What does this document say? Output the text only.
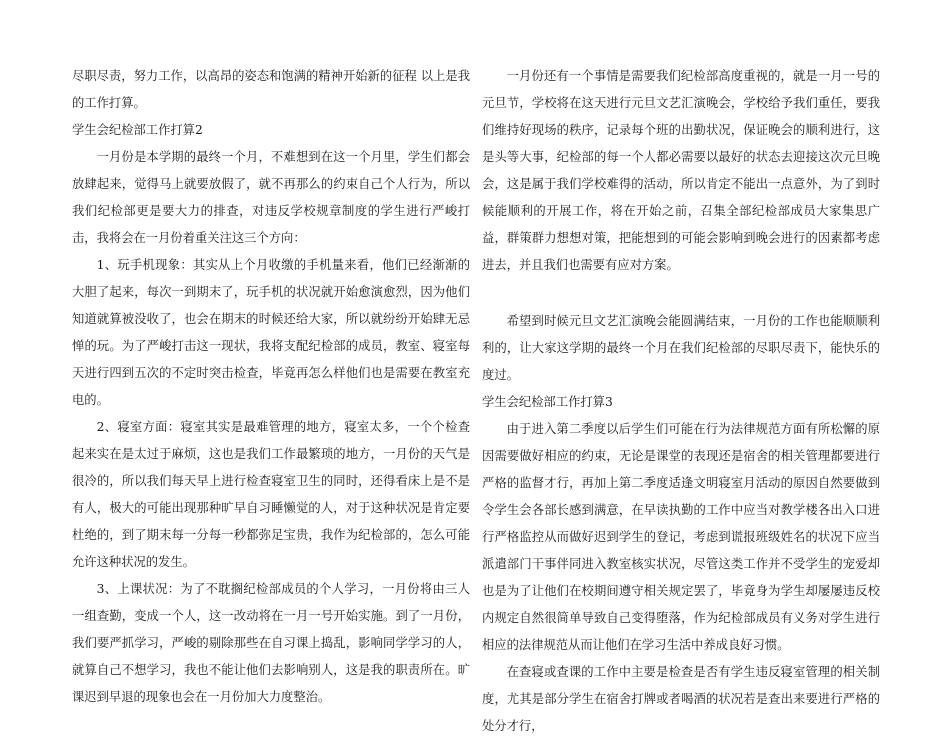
尽职尽责，努力工作，以高昂的姿态和饱满的精神开始新的征程 以上是我的工作打算。

学生会纪检部工作打算2

一月份是本学期的最终一个月，不难想到在这一个月里，学生们都会放肆起来，觉得马上就要放假了，就不再那么的约束自己个人行为，所以我们纪检部更是要大力的排查，对违反学校规章制度的学生进行严峻打击，我将会在一月份着重关注这三个方向：

1、玩手机现象：其实从上个月收缴的手机量来看，他们已经渐渐的大胆了起来，每次一到期末了，玩手机的状况就开始愈演愈烈，因为他们知道就算被没收了，也会在期末的时候还给大家，所以就纷纷开始肆无忌惮的玩。为了严峻打击这一现状，我将支配纪检部的成员，教室、寝室每天进行四到五次的不定时突击检查，毕竟再怎么样他们也是需要在教室充电的。

2、寝室方面：寝室其实是最难管理的地方，寝室太多，一个个检查起来实在是太过于麻烦，这也是我们工作最繁琐的地方，一月份的天气是很冷的，所以我们每天早上进行检查寝室卫生的同时，还得看床上是不是有人，极大的可能出现那种旷早自习睡懒觉的人，对于这种状况是肯定要杜绝的，到了期末每一分每一秒都弥足宝贵，我作为纪检部的，怎么可能允许这种状况的发生。

3、上课状况：为了不耽搁纪检部成员的个人学习，一月份将由三人一组查勤，变成一个人，这一改动将在一月一号开始实施。到了一月份，我们要严抓学习，严峻的剔除那些在自习课上捣乱，影响同学学习的人，就算自己不想学习，我也不能让他们去影响别人，这是我的职责所在。旷课迟到早退的现象也会在一月份加大力度整治。

一月份还有一个事情是需要我们纪检部高度重视的，就是一月一号的元旦节，学校将在这天进行元旦文艺汇演晚会，学校给予我们重任，要我们维持好现场的秩序，记录每个班的出勤状况，保证晚会的顺利进行，这是头等大事，纪检部的每一个人都必需要以最好的状态去迎接这次元旦晚会，这是属于我们学校难得的活动，所以肯定不能出一点意外，为了到时候能顺利的开展工作，将在开始之前，召集全部纪检部成员大家集思广益，群策群力想想对策，把能想到的可能会影响到晚会进行的因素都考虑进去，并且我们也需要有应对方案。

希望到时候元旦文艺汇演晚会能圆满结束，一月份的工作也能顺顺利利的，让大家这学期的最终一个月在我们纪检部的尽职尽责下，能快乐的度过。

学生会纪检部工作打算3

由于进入第二季度以后学生们可能在行为法律规范方面有所松懈的原因需要做好相应的约束，无论是课堂的表现还是宿舍的相关管理都要进行严格的监督才行，再加上第二季度适逢文明寝室月活动的原因自然要做到令学生会各部长感到满意，在早读执勤的工作中应当对教学楼各出入口进行严格监控从而做好迟到学生的登记，考虑到谎报班级姓名的状况下应当派遣部门干事伴同进入教室核实状况，尽管这类工作并不受学生的宠爱却也是为了让他们在校期间遵守相关规定罢了，毕竟身为学生却屡屡违反校内规定自然很简单导致自己变得堕落，作为纪检部成员有义务对学生进行相应的法律规范从而让他们在学习生活中养成良好习惯。

在查寝或查课的工作中主要是检查是否有学生违反寝室管理的相关制度，尤其是部分学生在宿舍打牌或者喝酒的状况若是查出来要进行严格的处分才行，
